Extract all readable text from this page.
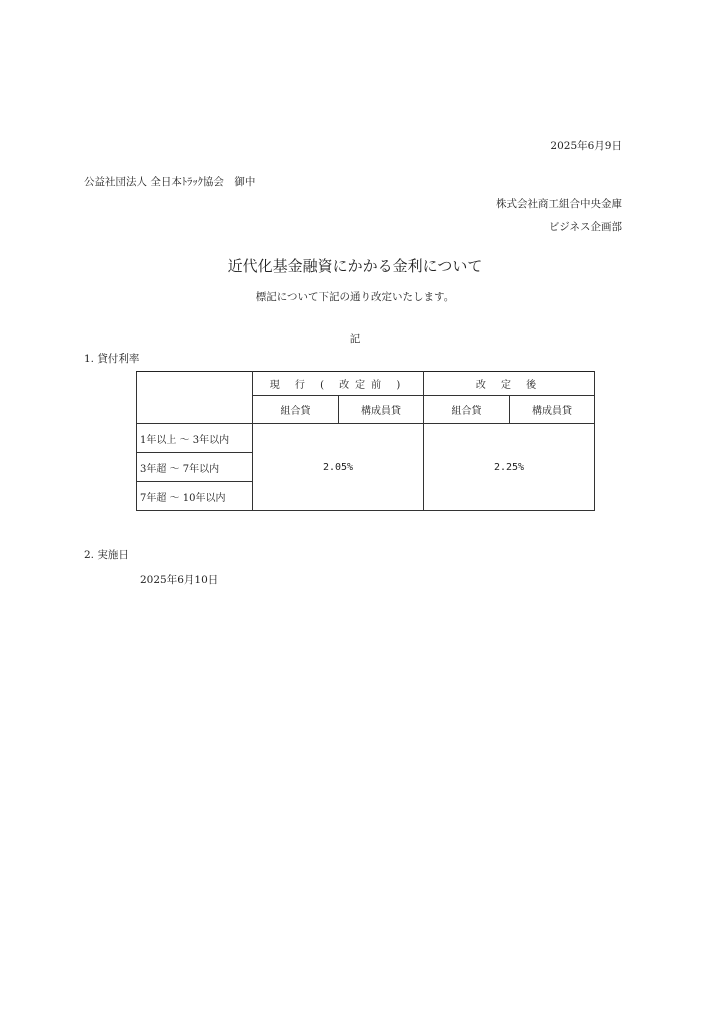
2025年6月9日
公益社団法人 全日本ﾄﾗｯｸ協会　御中
株式会社商工組合中央金庫
ビジネス企画部
近代化基金融資にかかる金利について
標記について下記の通り改定いたします。
記
1. 貸付利率
	現 行 ( 改定前 )		改 定 後	
	組合貸	構成員貸	組合貸	構成員貸
1年以上 ～ 3年以内	2.05%		2.25%	
3年超 ～ 7年以内				
7年超 ～ 10年以内				
2. 実施日
2025年6月10日
